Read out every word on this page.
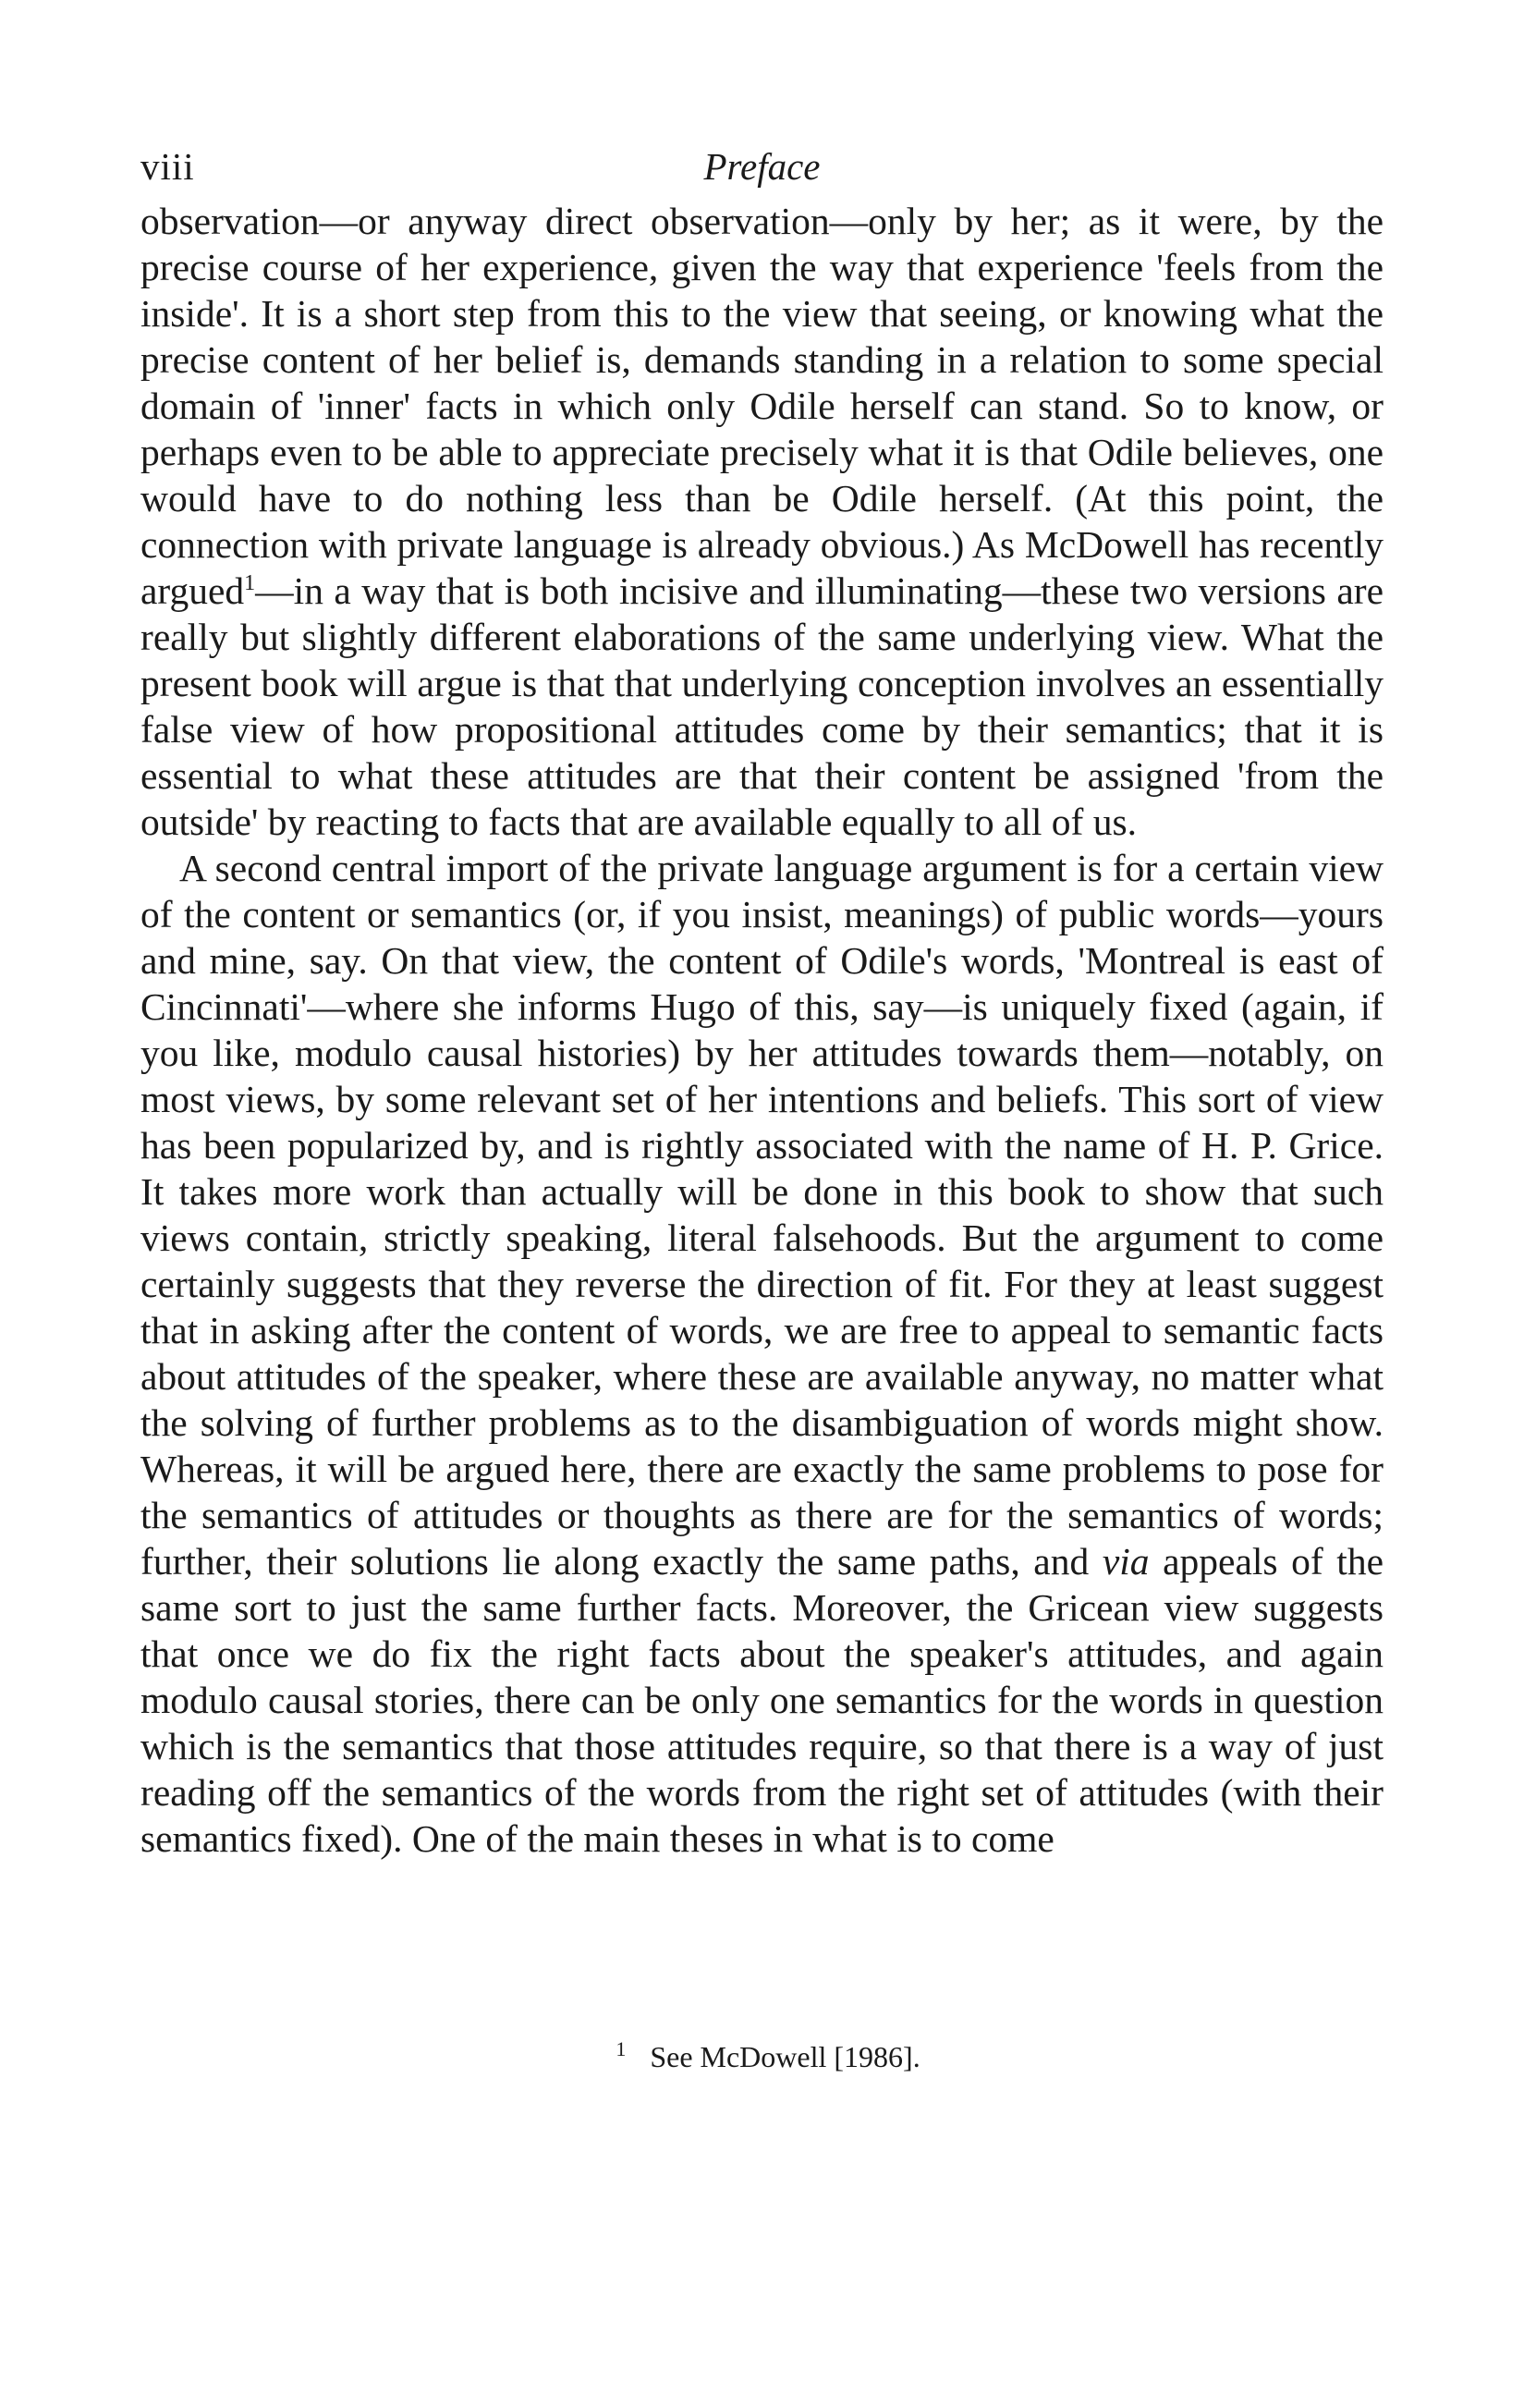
viii	Preface

observation—or anyway direct observation—only by her; as it were, by the precise course of her experience, given the way that experience 'feels from the inside'. It is a short step from this to the view that seeing, or knowing what the precise content of her belief is, demands standing in a relation to some special domain of 'inner' facts in which only Odile herself can stand. So to know, or perhaps even to be able to appreciate precisely what it is that Odile believes, one would have to do nothing less than be Odile herself. (At this point, the connection with private language is already obvious.) As McDowell has recently argued$^1$—in a way that is both incisive and illuminating—these two versions are really but slightly different elaborations of the same underlying view. What the present book will argue is that that underlying conception involves an essentially false view of how propositional attitudes come by their semantics; that it is essential to what these attitudes are that their content be assigned 'from the outside' by reacting to facts that are available equally to all of us.

A second central import of the private language argument is for a certain view of the content or semantics (or, if you insist, meanings) of public words—yours and mine, say. On that view, the content of Odile's words, 'Montreal is east of Cincinnati'—where she informs Hugo of this, say—is uniquely fixed (again, if you like, modulo causal histories) by her attitudes towards them—notably, on most views, by some relevant set of her intentions and beliefs. This sort of view has been popularized by, and is rightly associated with the name of H. P. Grice. It takes more work than actually will be done in this book to show that such views contain, strictly speaking, literal falsehoods. But the argument to come certainly suggests that they reverse the direction of fit. For they at least suggest that in asking after the content of words, we are free to appeal to semantic facts about attitudes of the speaker, where these are available anyway, no matter what the solving of further problems as to the disambiguation of words might show. Whereas, it will be argued here, there are exactly the same problems to pose for the semantics of attitudes or thoughts as there are for the semantics of words; further, their solutions lie along exactly the same paths, and via appeals of the same sort to just the same further facts. Moreover, the Gricean view suggests that once we do fix the right facts about the speaker's attitudes, and again modulo causal stories, there can be only one semantics for the words in question which is the semantics that those attitudes require, so that there is a way of just reading off the semantics of the words from the right set of attitudes (with their semantics fixed). One of the main theses in what is to come

$^1$ See McDowell [1986].
